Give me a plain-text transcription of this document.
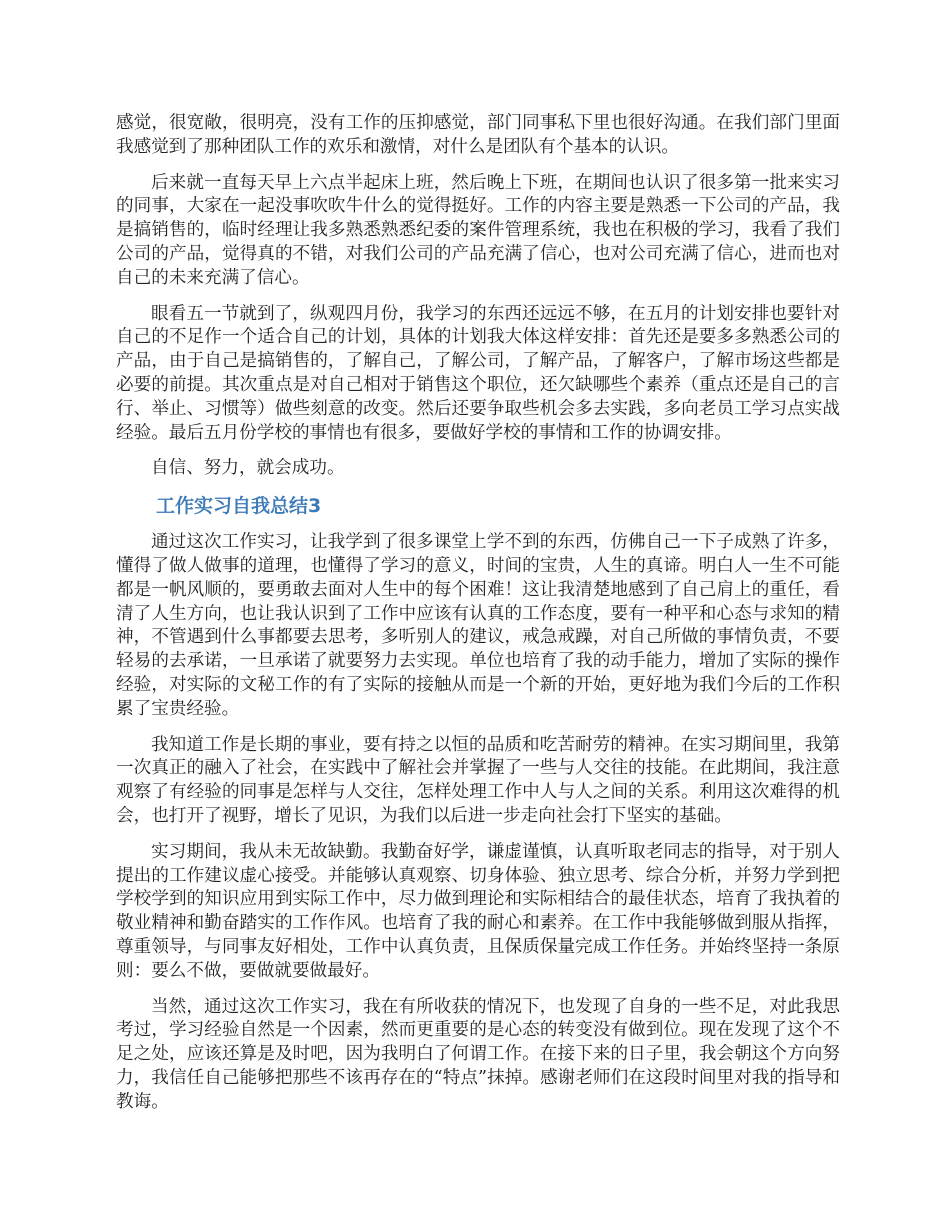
感觉，很宽敞，很明亮，没有工作的压抑感觉，部门同事私下里也很好沟通。在我们部门里面我感觉到了那种团队工作的欢乐和激情，对什么是团队有个基本的认识。

后来就一直每天早上六点半起床上班，然后晚上下班，在期间也认识了很多第一批来实习的同事，大家在一起没事吹吹牛什么的觉得挺好。工作的内容主要是熟悉一下公司的产品，我是搞销售的，临时经理让我多熟悉熟悉纪委的案件管理系统，我也在积极的学习，我看了我们公司的产品，觉得真的不错，对我们公司的产品充满了信心，也对公司充满了信心，进而也对自己的未来充满了信心。

眼看五一节就到了，纵观四月份，我学习的东西还远远不够，在五月的计划安排也要针对自己的不足作一个适合自己的计划，具体的计划我大体这样安排：首先还是要多多熟悉公司的产品，由于自己是搞销售的，了解自己，了解公司，了解产品，了解客户，了解市场这些都是必要的前提。其次重点是对自己相对于销售这个职位，还欠缺哪些个素养（重点还是自己的言行、举止、习惯等）做些刻意的改变。然后还要争取些机会多去实践，多向老员工学习点实战经验。最后五月份学校的事情也有很多，要做好学校的事情和工作的协调安排。

自信、努力，就会成功。

工作实习自我总结3

通过这次工作实习，让我学到了很多课堂上学不到的东西，仿佛自己一下子成熟了许多，懂得了做人做事的道理，也懂得了学习的意义，时间的宝贵，人生的真谛。明白人一生不可能都是一帆风顺的，要勇敢去面对人生中的每个困难！这让我清楚地感到了自己肩上的重任，看清了人生方向，也让我认识到了工作中应该有认真的工作态度，要有一种平和心态与求知的精神，不管遇到什么事都要去思考，多听别人的建议，戒急戒躁，对自己所做的事情负责，不要轻易的去承诺，一旦承诺了就要努力去实现。单位也培育了我的动手能力，增加了实际的操作经验，对实际的文秘工作的有了实际的接触从而是一个新的开始，更好地为我们今后的工作积累了宝贵经验。

我知道工作是长期的事业，要有持之以恒的品质和吃苦耐劳的精神。在实习期间里，我第一次真正的融入了社会，在实践中了解社会并掌握了一些与人交往的技能。在此期间，我注意观察了有经验的同事是怎样与人交往，怎样处理工作中人与人之间的关系。利用这次难得的机会，也打开了视野，增长了见识，为我们以后进一步走向社会打下坚实的基础。

实习期间，我从未无故缺勤。我勤奋好学，谦虚谨慎，认真听取老同志的指导，对于别人提出的工作建议虚心接受。并能够认真观察、切身体验、独立思考、综合分析，并努力学到把学校学到的知识应用到实际工作中，尽力做到理论和实际相结合的最佳状态，培育了我执着的敬业精神和勤奋踏实的工作作风。也培育了我的耐心和素养。在工作中我能够做到服从指挥，尊重领导，与同事友好相处，工作中认真负责，且保质保量完成工作任务。并始终坚持一条原则：要么不做，要做就要做最好。

当然，通过这次工作实习，我在有所收获的情况下，也发现了自身的一些不足，对此我思考过，学习经验自然是一个因素，然而更重要的是心态的转变没有做到位。现在发现了这个不足之处，应该还算是及时吧，因为我明白了何谓工作。在接下来的日子里，我会朝这个方向努力，我信任自己能够把那些不该再存在的“特点”抹掉。感谢老师们在这段时间里对我的指导和教诲。
